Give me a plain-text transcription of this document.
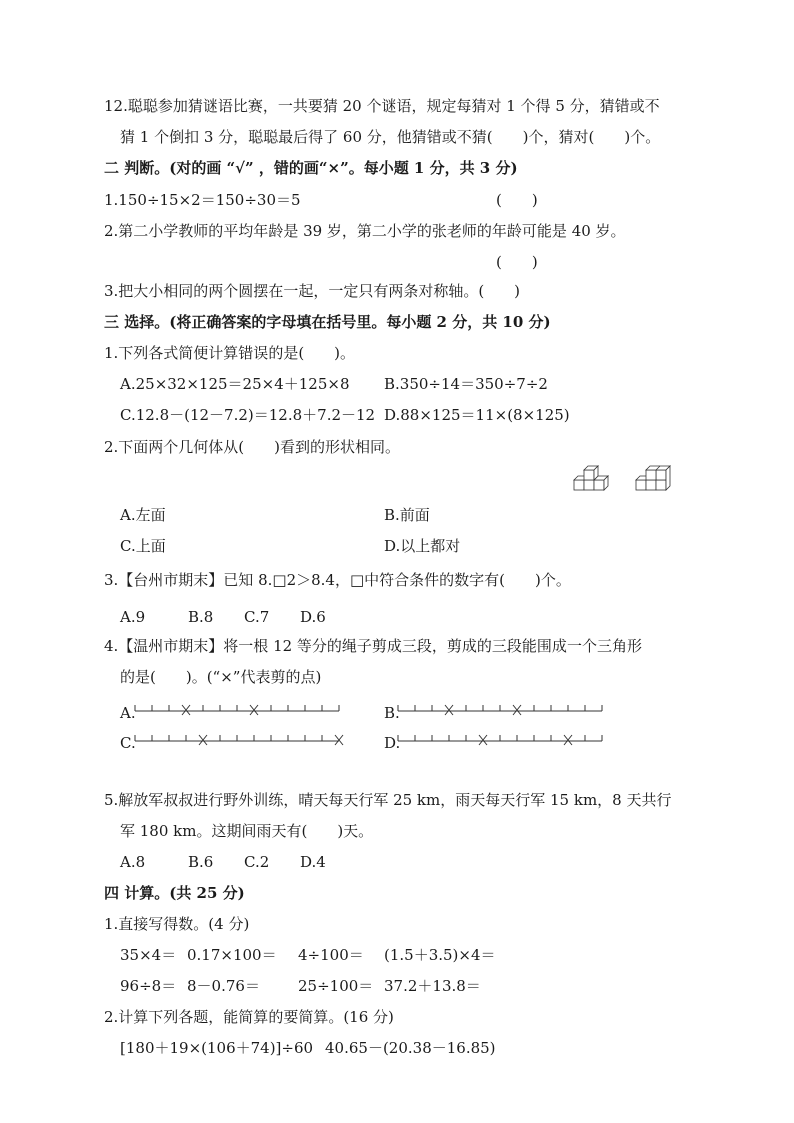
12.聪聪参加猜谜语比赛，一共要猜 20 个谜语，规定每猜对 1 个得 5 分，猜错或不
猜 1 个倒扣 3 分，聪聪最后得了 60 分，他猜错或不猜(　　)个，猜对(　　)个。
二 判断。(对的画 “√” ，错的画“×”。每小题 1 分，共 3 分)
1.150÷15×2＝150÷30＝5	(　　)
2.第二小学教师的平均年龄是 39 岁，第二小学的张老师的年龄可能是 40 岁。
(　　)
3.把大小相同的两个圆摆在一起，一定只有两条对称轴。(　　)
三 选择。(将正确答案的字母填在括号里。每小题 2 分，共 10 分)
1.下列各式简便计算错误的是(　　)。
A.25×32×125＝25×4＋125×8 B.350÷14＝350÷7÷2
C.12.8－(12－7.2)＝12.8＋7.2－12 D.88×125＝11×(8×125)
2.下面两个几何体从(　　)看到的形状相同。
A.左面	B.前面
C.上面	D.以上都对
3.【台州市期末】已知 8.□2＞8.4，□中符合条件的数字有(　　)个。
A.9	B.8 C.7 D.6
4.【温州市期末】将一根 12 等分的绳子剪成三段，剪成的三段能围成一个三角形
的是(　　)。(“×”代表剪的点)
A.	B.
C.	D.
5.解放军叔叔进行野外训练，晴天每天行军 25 km，雨天每天行军 15 km，8 天共行
军 180 km。这期间雨天有(　　)天。
A.8	B.6 C.2 D.4
四 计算。(共 25 分)
1.直接写得数。(4 分)
35×4＝ 0.17×100＝ 4÷100＝ (1.5＋3.5)×4＝
96÷8＝ 8－0.76＝	25÷100＝ 37.2＋13.8＝
2.计算下列各题，能简算的要简算。(16 分)
[180＋19×(106＋74)]÷60 40.65－(20.38－16.85)
